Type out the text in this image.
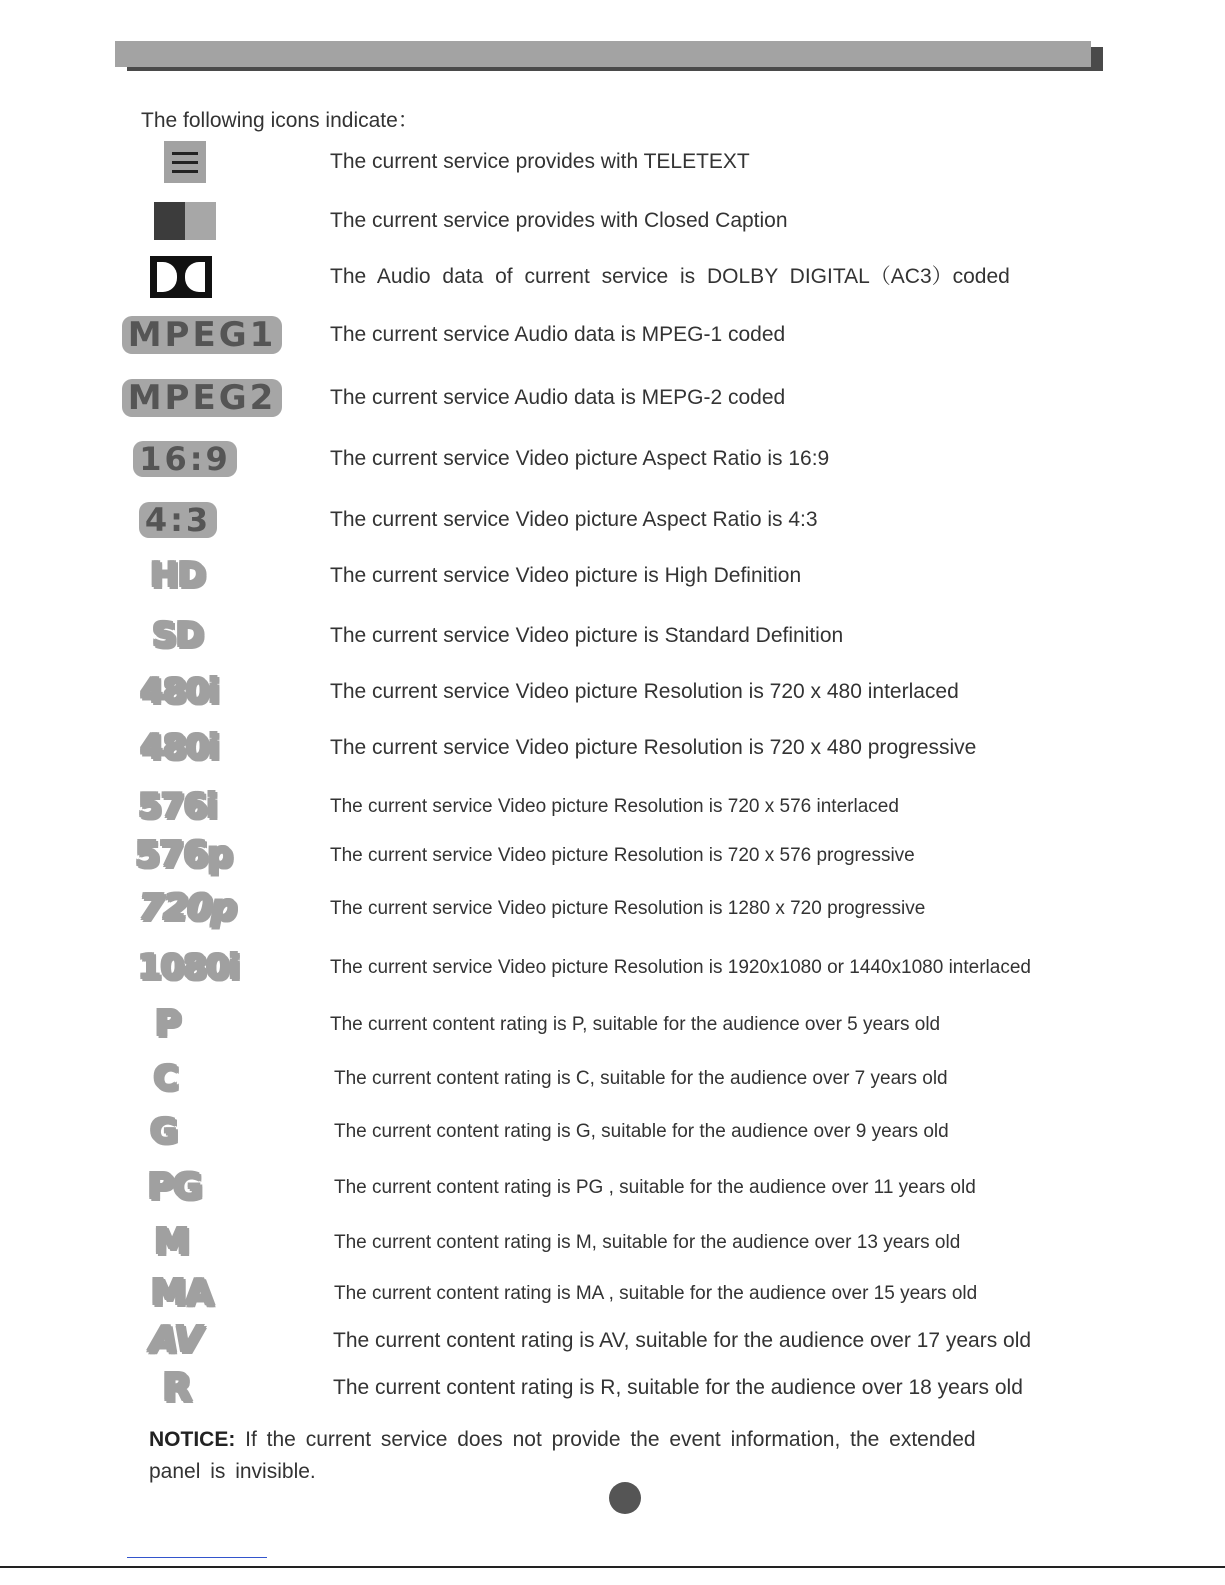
The following icons indicate：
The current service provides with TELETEXT
The current service provides with Closed Caption
The Audio data of current service is DOLBY DIGITAL（AC3）coded
MPEG1	The current service Audio data is MPEG-1 coded
MPEG2	The current service Audio data is MEPG-2 coded
16:9	The current service Video picture Aspect Ratio is 16:9
4:3	The current service Video picture Aspect Ratio is 4:3
HD	The current service Video picture is High Definition
SD	The current service Video picture is Standard Definition
480i	The current service Video picture Resolution is 720 x 480 interlaced
480i	The current service Video picture Resolution is 720 x 480 progressive
576i	The current service Video picture Resolution is 720 x 576 interlaced
576p	The current service Video picture Resolution is 720 x 576 progressive
720p	The current service Video picture Resolution is 1280 x 720 progressive
1080i	The current service Video picture Resolution is 1920x1080 or 1440x1080 interlaced
P	The current content rating is P, suitable for the audience over 5 years old
C	The current content rating is C, suitable for the audience over 7 years old
G	The current content rating is G, suitable for the audience over 9 years old
PG	The current content rating is PG , suitable for the audience over 11 years old
M	The current content rating is M, suitable for the audience over 13 years old
MA	The current content rating is MA , suitable for the audience over 15 years old
AV	The current content rating is AV, suitable for the audience over 17 years old
R	The current content rating is R, suitable for the audience over 18 years old
NOTICE: If the current service does not provide the event information, the extended panel is invisible.
